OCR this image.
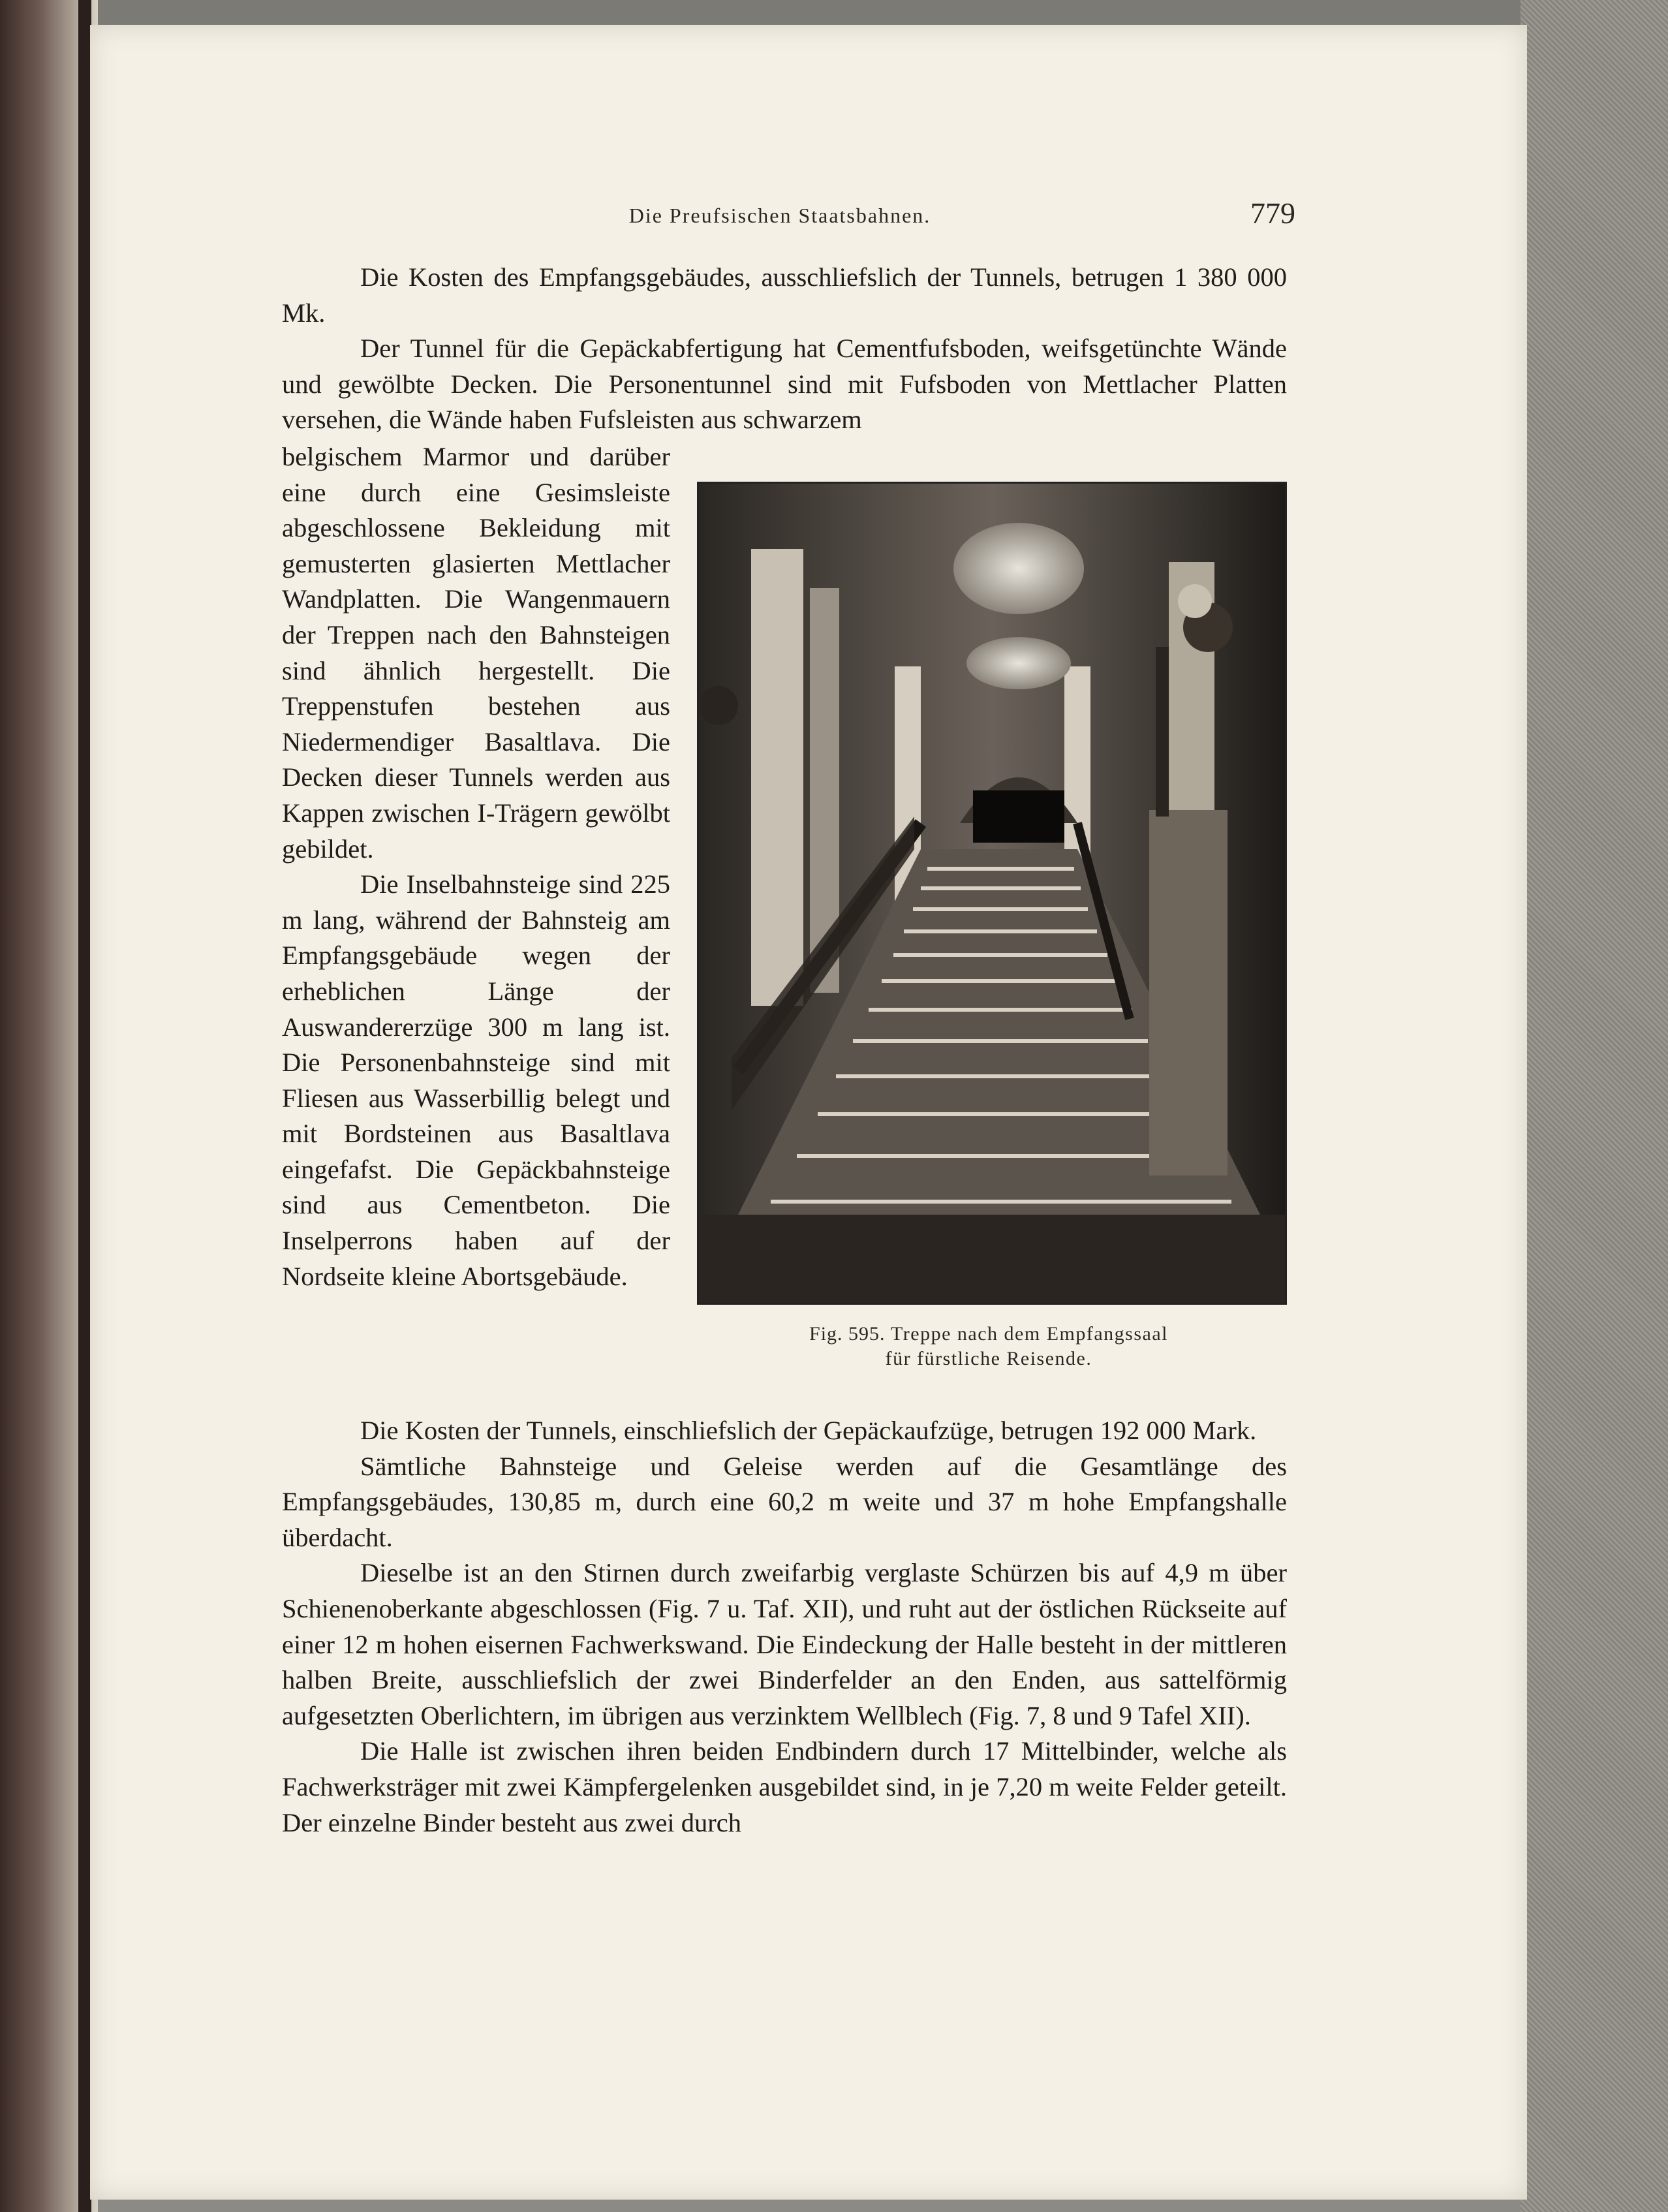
Die Preufsischen Staatsbahnen.	779

Die Kosten des Empfangsgebäudes, ausschliefslich der Tunnels, betrugen 1 380 000 Mk.

Der Tunnel für die Gepäckabfertigung hat Cementfufsboden, weifsgetünchte Wände und gewölbte Decken. Die Personentunnel sind mit Fufsboden von Mettlacher Platten versehen, die Wände haben Fufsleisten aus schwarzem

belgischem Marmor und darüber eine durch eine Gesimsleiste abgeschlossene Bekleidung mit gemusterten glasierten Mettlacher Wandplatten. Die Wangenmauern der Treppen nach den Bahnsteigen sind ähnlich hergestellt. Die Treppenstufen bestehen aus Niedermendiger Basaltlava. Die Decken dieser Tunnels werden aus Kappen zwischen I-Trägern gewölbt gebildet.

Die Inselbahnsteige sind 225 m lang, während der Bahnsteig am Empfangsgebäude wegen der erheblichen Länge der Auswandererzüge 300 m lang ist. Die Personenbahnsteige sind mit Fliesen aus Wasserbillig belegt und mit Bordsteinen aus Basaltlava eingefafst. Die Gepäckbahnsteige sind aus Cementbeton. Die Inselperrons haben auf der Nordseite kleine Abortsgebäude.

Fig. 595. Treppe nach dem Empfangssaal
für fürstliche Reisende.

Die Kosten der Tunnels, einschliefslich der Gepäckaufzüge, betrugen 192 000 Mark.

Sämtliche Bahnsteige und Geleise werden auf die Gesamtlänge des Empfangsgebäudes, 130,85 m, durch eine 60,2 m weite und 37 m hohe Empfangshalle überdacht.

Dieselbe ist an den Stirnen durch zweifarbig verglaste Schürzen bis auf 4,9 m über Schienenoberkante abgeschlossen (Fig. 7 u. Taf. XII), und ruht aut der östlichen Rückseite auf einer 12 m hohen eisernen Fachwerkswand. Die Eindeckung der Halle besteht in der mittleren halben Breite, ausschliefslich der zwei Binderfelder an den Enden, aus sattelförmig aufgesetzten Oberlichtern, im übrigen aus verzinktem Wellblech (Fig. 7, 8 und 9 Tafel XII).

Die Halle ist zwischen ihren beiden Endbindern durch 17 Mittelbinder, welche als Fachwerksträger mit zwei Kämpfergelenken ausgebildet sind, in je 7,20 m weite Felder geteilt. Der einzelne Binder besteht aus zwei durch
